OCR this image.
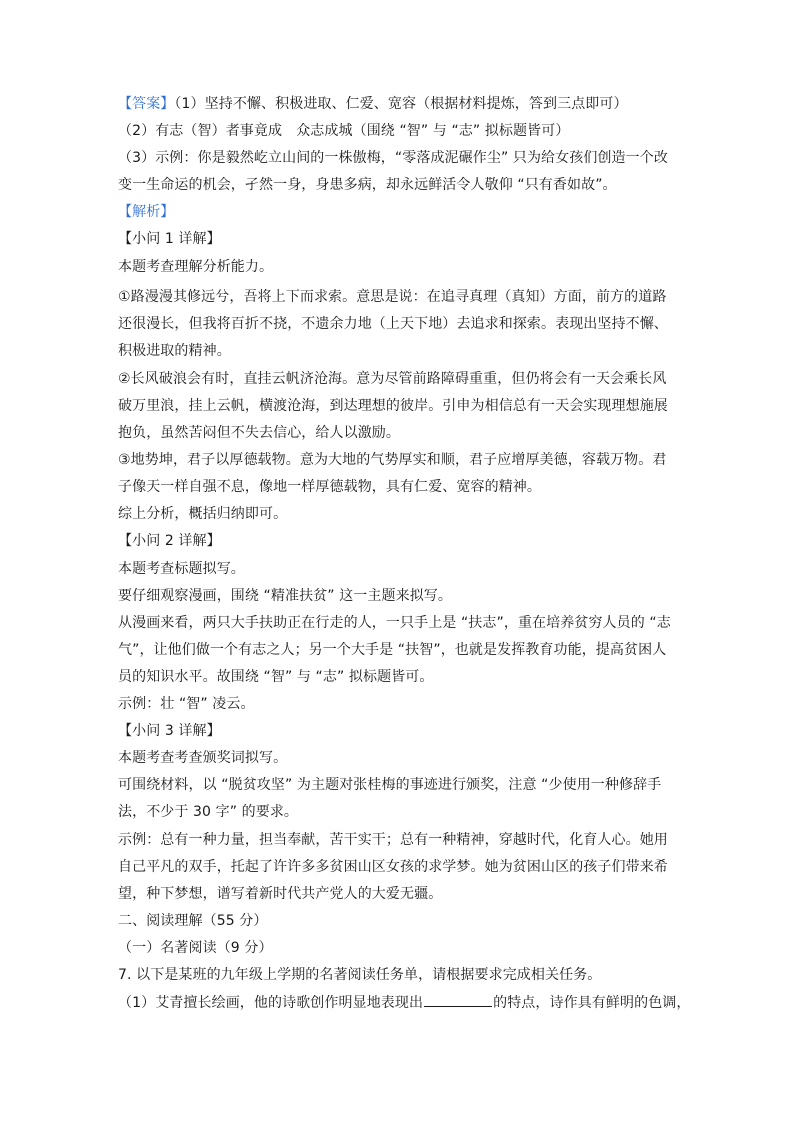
【答案】（1）坚持不懈、积极进取、仁爱、宽容（根据材料提炼，答到三点即可）
（2）有志（智）者事竟成　众志成城（围绕 “智” 与 “志” 拟标题皆可）
（3）示例：你是毅然屹立山间的一株傲梅，“零落成泥碾作尘” 只为给女孩们创造一个改
变一生命运的机会，孑然一身，身患多病，却永远鲜活令人敬仰 “只有香如故”。
【解析】
【小问 1 详解】
本题考查理解分析能力。
①路漫漫其修远兮，吾将上下而求索。意思是说：在追寻真理（真知）方面，前方的道路
还很漫长，但我将百折不挠，不遗余力地（上天下地）去追求和探索。表现出坚持不懈、
积极进取的精神。
②长风破浪会有时，直挂云帆济沧海。意为尽管前路障碍重重，但仍将会有一天会乘长风
破万里浪，挂上云帆，横渡沧海，到达理想的彼岸。引申为相信总有一天会实现理想施展
抱负，虽然苦闷但不失去信心，给人以激励。
③地势坤，君子以厚德载物。意为大地的气势厚实和顺，君子应增厚美德，容载万物。君
子像天一样自强不息，像地一样厚德载物，具有仁爱、宽容的精神。
综上分析，概括归纳即可。
【小问 2 详解】
本题考查标题拟写。
要仔细观察漫画，围绕 “精准扶贫” 这一主题来拟写。
从漫画来看，两只大手扶助正在行走的人，一只手上是 “扶志”，重在培养贫穷人员的 “志
气”，让他们做一个有志之人；另一个大手是 “扶智”，也就是发挥教育功能，提高贫困人
员的知识水平。故围绕 “智” 与 “志” 拟标题皆可。
示例：壮 “智” 凌云。
【小问 3 详解】
本题考查考查颁奖词拟写。
可围绕材料，以 “脱贫攻坚” 为主题对张桂梅的事迹进行颁奖，注意 “少使用一种修辞手
法，不少于 30 字” 的要求。
示例：总有一种力量，担当奉献，苦干实干；总有一种精神，穿越时代，化育人心。她用
自己平凡的双手，托起了许许多多贫困山区女孩的求学梦。她为贫困山区的孩子们带来希
望，种下梦想，谱写着新时代共产党人的大爱无疆。
二、阅读理解（55 分）
（一）名著阅读（9 分）
7. 以下是某班的九年级上学期的名著阅读任务单，请根据要求完成相关任务。
（1）艾青擅长绘画，他的诗歌创作明显地表现出	的特点，诗作具有鲜明的色调，
